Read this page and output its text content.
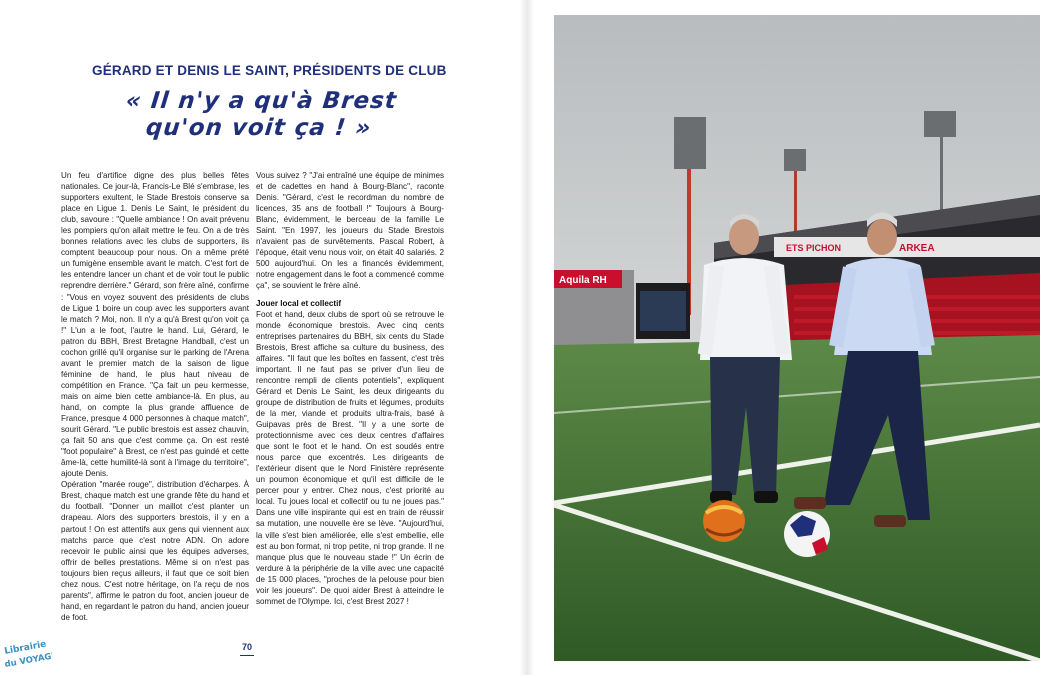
GÉRARD ET DENIS LE SAINT, PRÉSIDENTS DE CLUB
« Il n'y a qu'à Brest
qu'on voit ça ! »

Un feu d'artifice digne des plus belles fêtes nationales. Ce jour-là, Francis-Le Blé s'embrase, les supporters exultent, le Stade Brestois conserve sa place en Ligue 1. Denis Le Saint, le président du club, savoure : "Quelle ambiance ! On avait prévenu les pompiers qu'on allait mettre le feu. On a de très bonnes relations avec les clubs de supporters, ils comptent beaucoup pour nous. On a même prété un fumigène ensemble avant le match. C'est fort de les entendre lancer un chant et de voir tout le public reprendre derrière." Gérard, son frère aîné, confirme : "Vous en voyez souvent des présidents de clubs de Ligue 1 boire un coup avec les supporters avant le match ? Moi, non. Il n'y a qu'à Brest qu'on voit ça !" L'un a le foot, l'autre le hand. Lui, Gérard, le patron du BBH, Brest Bretagne Handball, c'est un cochon grillé qu'il organise sur le parking de l'Arena avant le premier match de la saison de ligue féminine de hand, le plus haut niveau de compétition en France. "Ça fait un peu kermesse, mais on aime bien cette ambiance-là. En plus, au hand, on compte la plus grande affluence de France, presque 4 000 personnes à chaque match", sourit Gérard. "Le public brestois est assez chauvin, ça fait 50 ans que c'est comme ça. On est resté "foot populaire" à Brest, ce n'est pas guindé et cette âme-là, cette humilité-là sont à l'image du territoire", ajoute Denis.

Opération "marée rouge", distribution d'écharpes. À Brest, chaque match est une grande fête du hand et du football. "Donner un maillot c'est planter un drapeau. Alors des supporters brestois, il y en a partout ! On est attentifs aux gens qui viennent aux matchs parce que c'est notre ADN. On adore recevoir le public ainsi que les équipes adverses, offrir de belles prestations. Même si on n'est pas toujours bien reçus ailleurs, il faut que ce soit bien chez nous. C'est notre héritage, on l'a reçu de nos parents", affirme le patron du foot, ancien joueur de hand, en regardant le patron du hand, ancien joueur de foot.

Vous suivez ? "J'ai entraîné une équipe de minimes et de cadettes en hand à Bourg-Blanc", raconte Denis. "Gérard, c'est le recordman du nombre de licences, 35 ans de football !" Toujours à Bourg-Blanc, évidemment, le berceau de la famille Le Saint. "En 1997, les joueurs du Stade Brestois n'avaient pas de survêtements. Pascal Robert, à l'époque, était venu nous voir, on était 40 salariés. 2 500 aujourd'hui. On les a financés évidemment, notre engagement dans le foot a commencé comme ça", se souvient le frère aîné.

Jouer local et collectif

Foot et hand, deux clubs de sport où se retrouve le monde économique brestois. Avec cinq cents entreprises partenaires du BBH, six cents du Stade Brestois, Brest affiche sa culture du business, des affaires. "Il faut que les boîtes en fassent, c'est très important. Il ne faut pas se priver d'un lieu de rencontre rempli de clients potentiels", expliquent Gérard et Denis Le Saint, les deux dirigeants du groupe de distribution de fruits et légumes, produits de la mer, viande et produits ultra-frais, basé à Guipavas près de Brest. "Il y a une sorte de protectionnisme avec ces deux centres d'affaires que sont le foot et le hand. On est soudés entre nous parce que excentrés. Les dirigeants de l'extérieur disent que le Nord Finistère représente un poumon économique et qu'il est difficile de le percer pour y entrer. Chez nous, c'est priorité au local. Tu joues local et collectif ou tu ne joues pas." Dans une ville inspirante qui est en train de réussir sa mutation, une nouvelle ère se lève. "Aujourd'hui, la ville s'est bien améliorée, elle s'est embellie, elle est au bon format, ni trop petite, ni trop grande. Il ne manque plus que le nouveau stade !" Un écrin de verdure à la périphérie de la ville avec une capacité de 15 000 places, "proches de la pelouse pour bien voir les joueurs". De quoi aider Brest à atteindre le sommet de l'Olympe. Ici, c'est Brest 2027 !

70
Librairie
du VOYAGE
ETS PICHON	ARKEA
Aquila RH
